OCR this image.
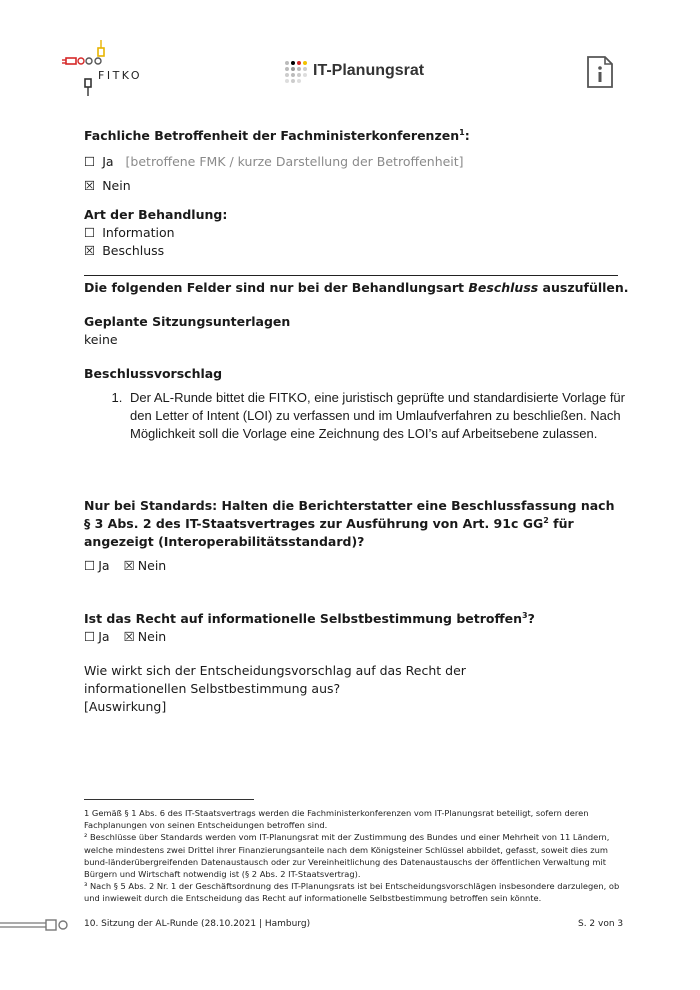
FITKO	IT-Planungsrat
Fachliche Betroffenheit der Fachministerkonferenzen$^1$:
☐ Ja [betroffene FMK / kurze Darstellung der Betroffenheit]
☒ Nein
Art der Behandlung:
☐ Information
☒ Beschluss
Die folgenden Felder sind nur bei der Behandlungsart Beschluss auszufüllen.
Geplante Sitzungsunterlagen
keine
Beschlussvorschlag
1. Der AL-Runde bittet die FITKO, eine juristisch geprüfte und standardisierte Vorlage für den Letter of Intent (LOI) zu verfassen und im Umlaufverfahren zu beschließen. Nach Möglichkeit soll die Vorlage eine Zeichnung des LOI’s auf Arbeitsebene zulassen.
Nur bei Standards: Halten die Berichterstatter eine Beschlussfassung nach § 3 Abs. 2 des IT-Staatsvertrages zur Ausführung von Art. 91c $GG^2$ für angezeigt (Interoperabilitätsstandard)?
☐ Ja ☒ Nein
Ist das Recht auf informationelle Selbstbestimmung betroffen$^3$?
☐ Ja ☒ Nein
Wie wirkt sich der Entscheidungsvorschlag auf das Recht der informationellen Selbstbestimmung aus?
[Auswirkung]

1 Gemäß § 1 Abs. 6 des IT-Staatsvertrags werden die Fachministerkonferenzen vom IT-Planungsrat beteiligt, sofern deren Fachplanungen von seinen Entscheidungen betroffen sind.

² Beschlüsse über Standards werden vom IT-Planungsrat mit der Zustimmung des Bundes und einer Mehrheit von 11 Ländern, welche mindestens zwei Drittel ihrer Finanzierungsanteile nach dem Königsteiner Schlüssel abbildet, gefasst, soweit dies zum bund-länderübergreifenden Datenaustausch oder zur Vereinheitlichung des Datenaustauschs der öffentlichen Verwaltung mit Bürgern und Wirtschaft notwendig ist (§ 2 Abs. 2 IT-Staatsvertrag).

³ Nach § 5 Abs. 2 Nr. 1 der Geschäftsordnung des IT-Planungsrats ist bei Entscheidungsvorschlägen insbesondere darzulegen, ob und inwieweit durch die Entscheidung das Recht auf informationelle Selbstbestimmung betroffen sein könnte.

10. Sitzung der AL-Runde (28.10.2021 | Hamburg)	S. 2 von 3
